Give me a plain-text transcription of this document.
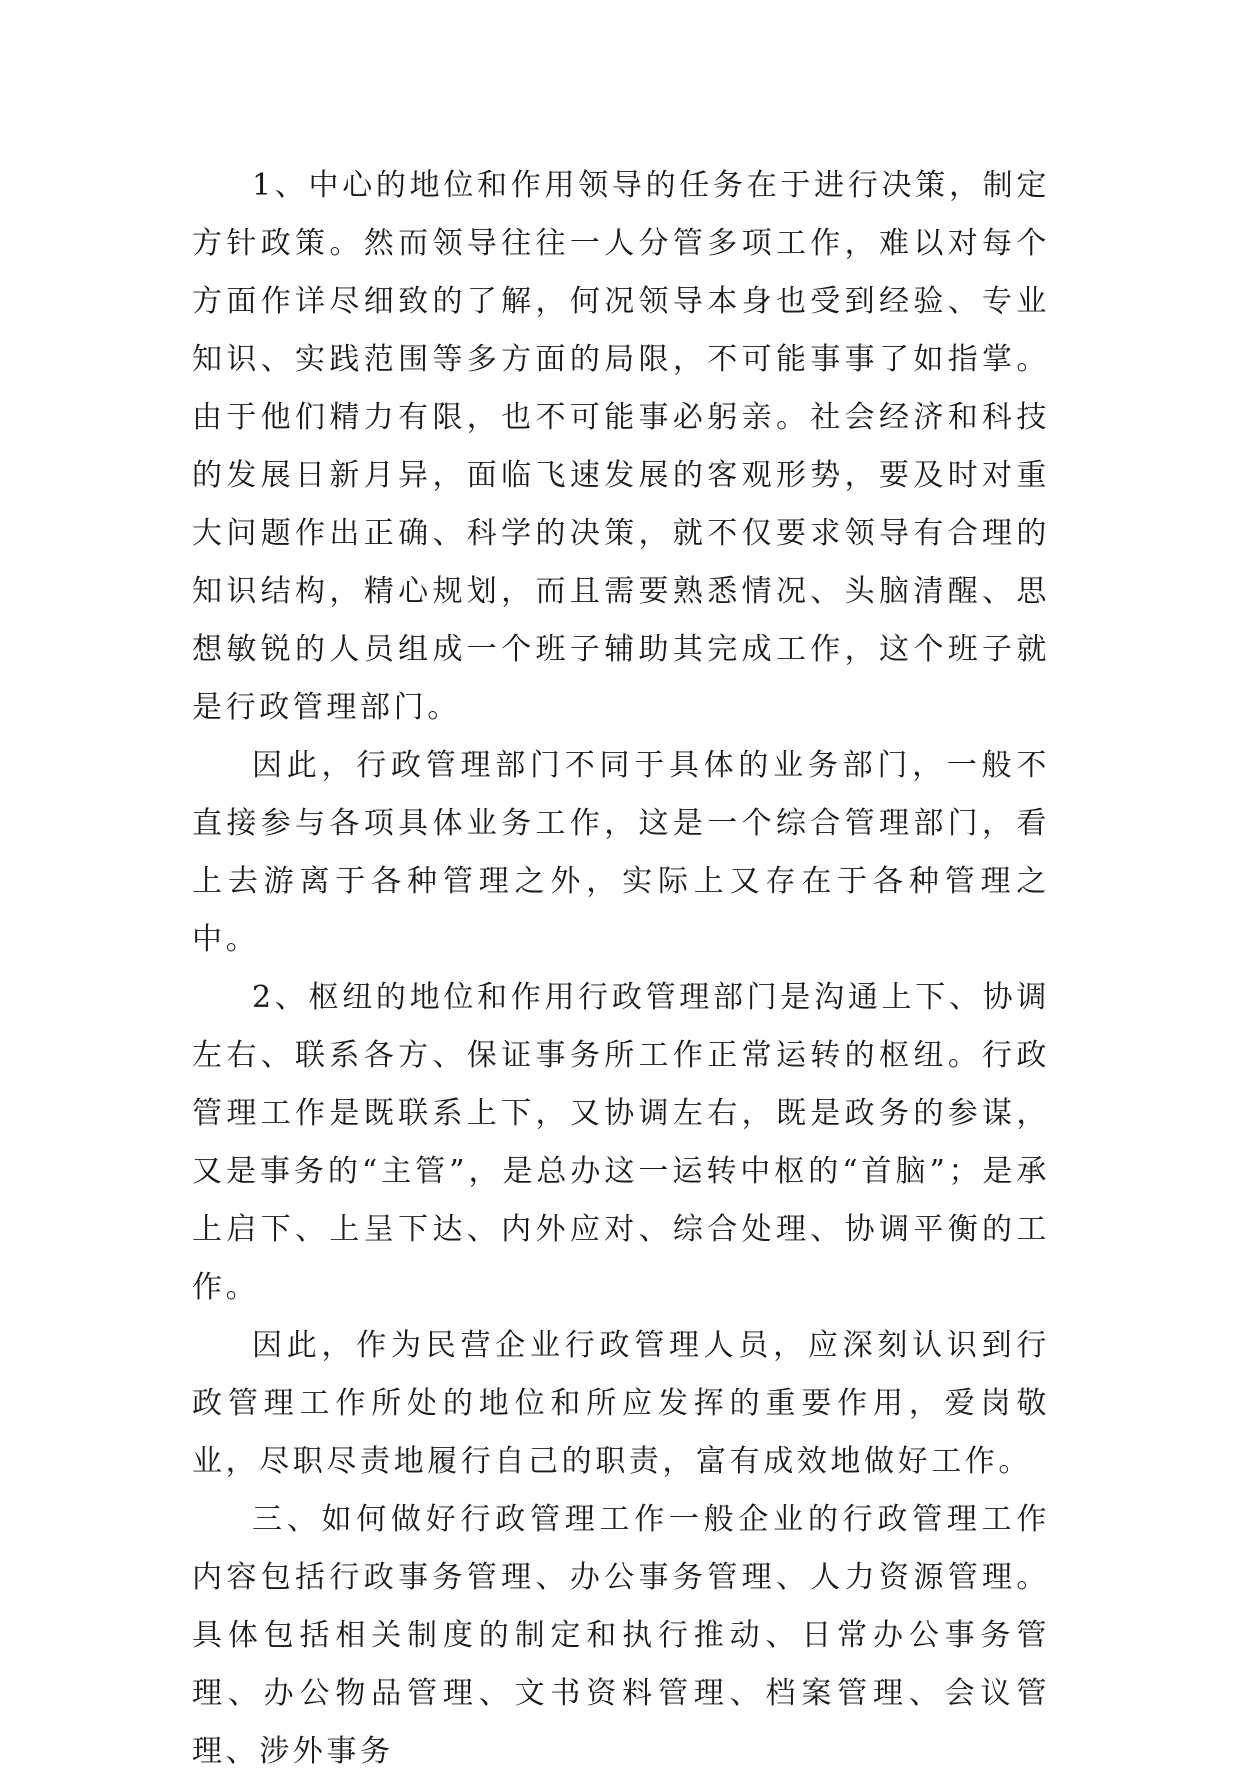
1、中心的地位和作用领导的任务在于进行决策，制定方针政策。然而领导往往一人分管多项工作，难以对每个方面作详尽细致的了解，何况领导本身也受到经验、专业知识、实践范围等多方面的局限，不可能事事了如指掌。由于他们精力有限，也不可能事必躬亲。社会经济和科技的发展日新月异，面临飞速发展的客观形势，要及时对重大问题作出正确、科学的决策，就不仅要求领导有合理的知识结构，精心规划，而且需要熟悉情况、头脑清醒、思想敏锐的人员组成一个班子辅助其完成工作，这个班子就是行政管理部门。

因此，行政管理部门不同于具体的业务部门，一般不直接参与各项具体业务工作，这是一个综合管理部门，看上去游离于各种管理之外，实际上又存在于各种管理之中。

2、枢纽的地位和作用行政管理部门是沟通上下、协调左右、联系各方、保证事务所工作正常运转的枢纽。行政管理工作是既联系上下，又协调左右，既是政务的参谋，又是事务的“主管”，是总办这一运转中枢的“首脑”；是承上启下、上呈下达、内外应对、综合处理、协调平衡的工作。

因此，作为民营企业行政管理人员，应深刻认识到行政管理工作所处的地位和所应发挥的重要作用，爱岗敬业，尽职尽责地履行自己的职责，富有成效地做好工作。

三、如何做好行政管理工作一般企业的行政管理工作内容包括行政事务管理、办公事务管理、人力资源管理。具体包括相关制度的制定和执行推动、日常办公事务管理、办公物品管理、文书资料管理、档案管理、会议管理、涉外事务
